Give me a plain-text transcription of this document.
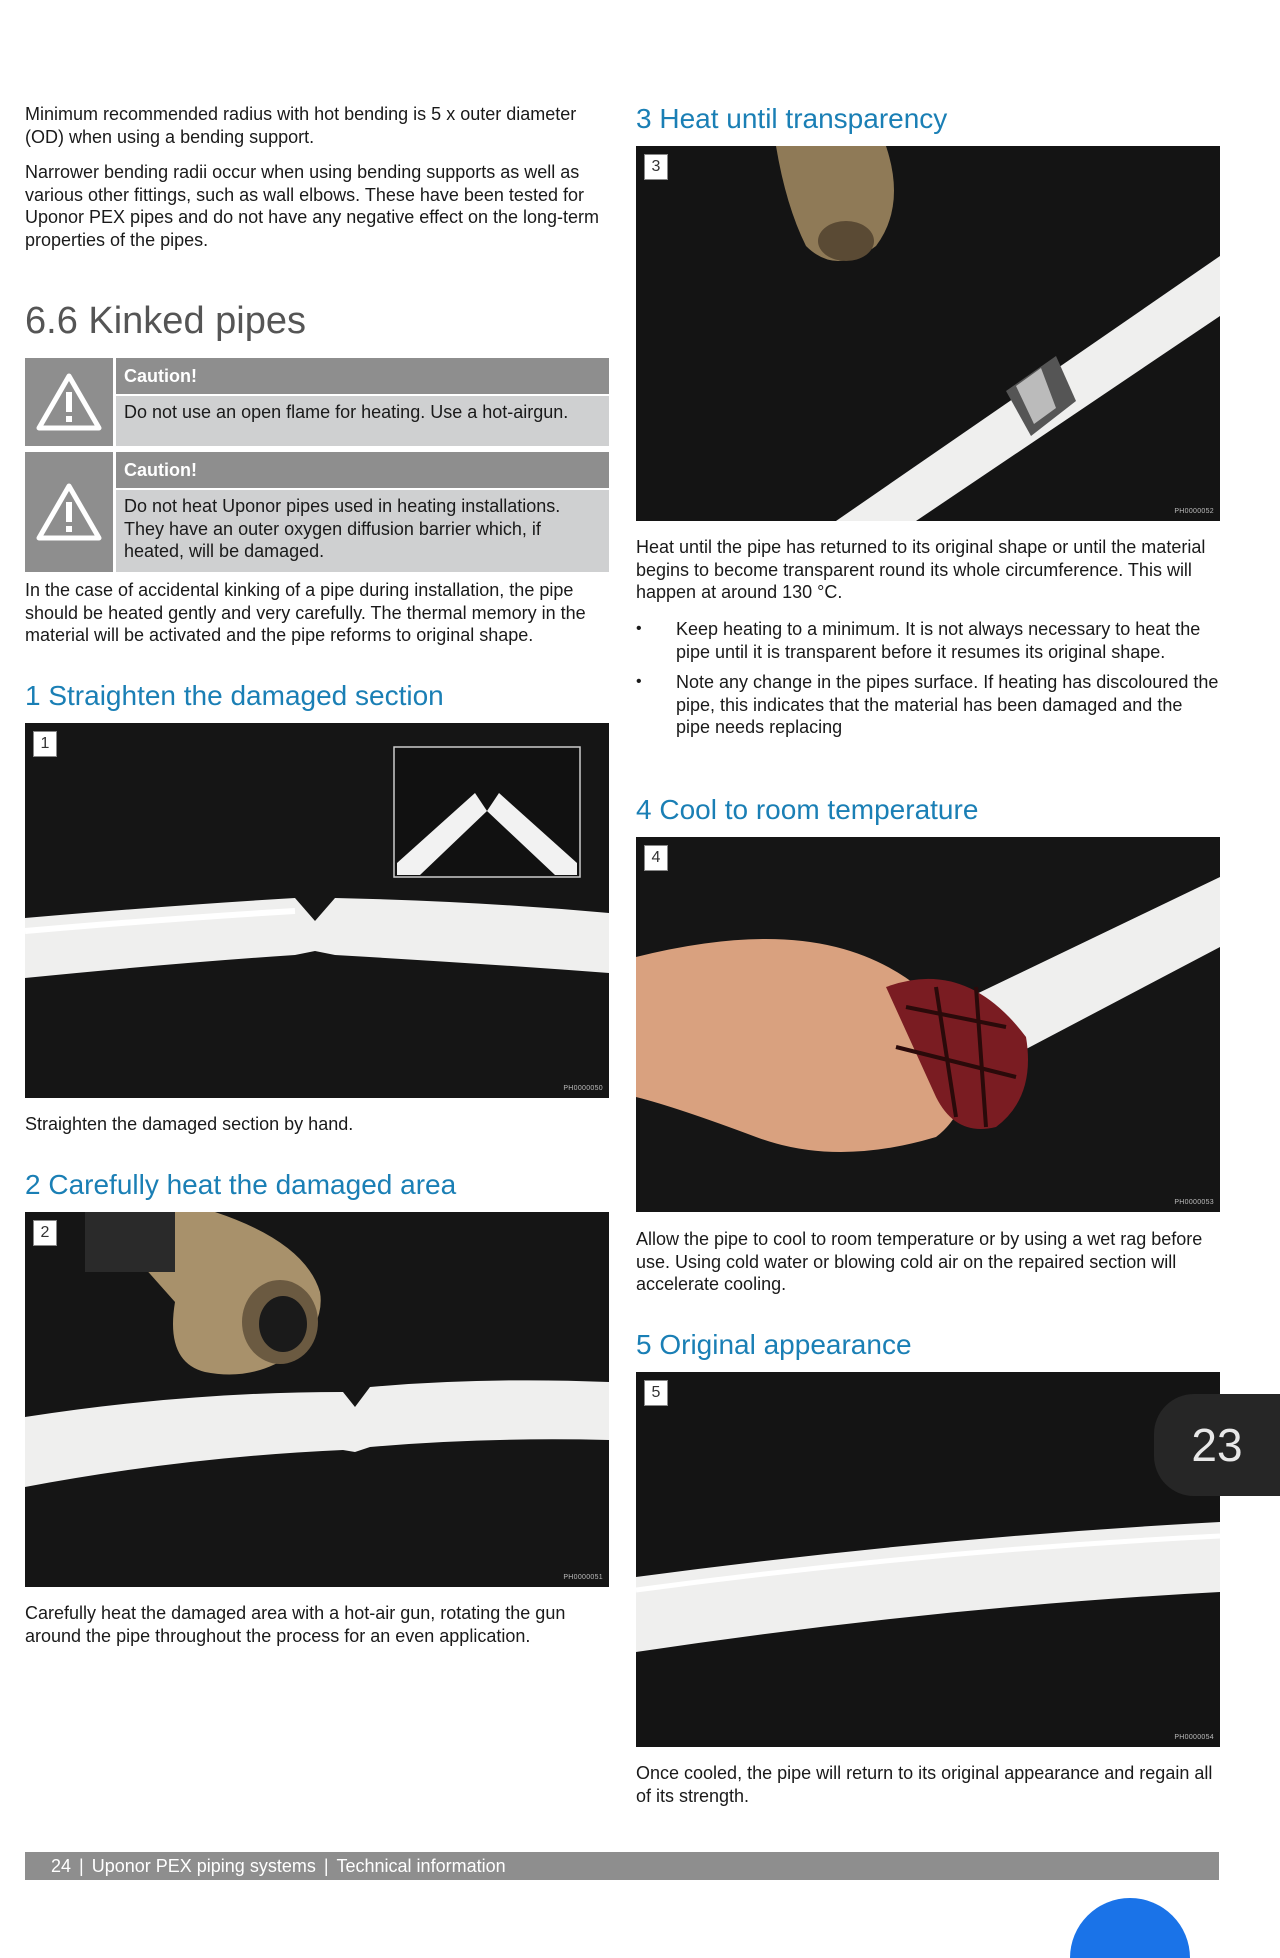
Minimum recommended radius with hot bending is 5 x outer diameter (OD) when using a bending support.

Narrower bending radii occur when using bending supports as well as various other fittings, such as wall elbows. These have been tested for Uponor PEX pipes and do not have any negative effect on the long-term properties of the pipes.

6.6 Kinked pipes
Caution!
Do not use an open flame for heating. Use a hot-airgun.
Caution!
Do not heat Uponor pipes used in heating installations. They have an outer oxygen diffusion barrier which, if heated, will be damaged.

In the case of accidental kinking of a pipe during installation, the pipe should be heated gently and very carefully. The thermal memory in the material will be activated and the pipe reforms to original shape.

1 Straighten the damaged section
1
PH0000050

Straighten the damaged section by hand.

2 Carefully heat the damaged area
2
PH0000051

Carefully heat the damaged area with a hot-air gun, rotating the gun around the pipe throughout the process for an even application.

3 Heat until transparency
3
PH0000052

Heat until the pipe has returned to its original shape or until the material begins to become transparent round its whole circumference. This will happen at around 130 °C.

• Keep heating to a minimum. It is not always necessary to heat the pipe until it is transparent before it resumes its original shape.
• Note any change in the pipes surface. If heating has discoloured the pipe, this indicates that the material has been damaged and the pipe needs replacing
4 Cool to room temperature
4
PH0000053

Allow the pipe to cool to room temperature or by using a wet rag before use. Using cold water or blowing cold air on the repaired section will accelerate cooling.

5 Original appearance
5
PH0000054

Once cooled, the pipe will return to its original appearance and regain all of its strength.

23
24 | Uponor PEX piping systems | Technical information
